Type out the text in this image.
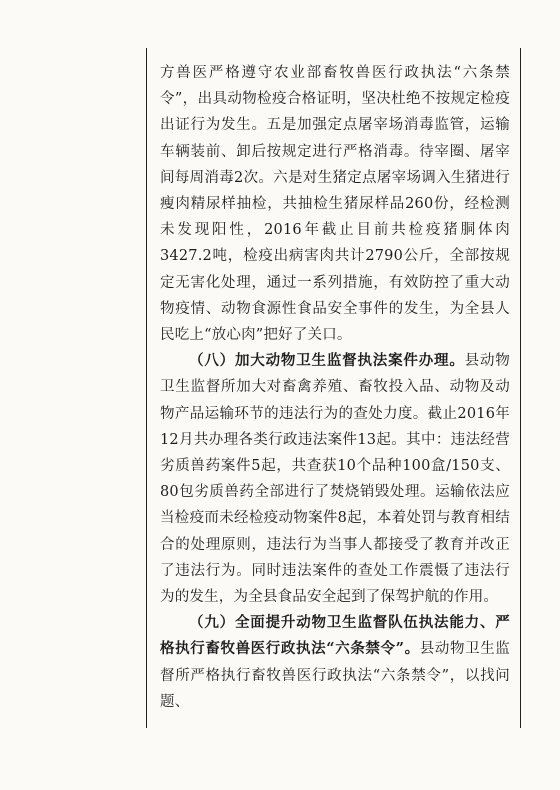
方兽医严格遵守农业部畜牧兽医行政执法“六条禁令”，出具动物检疫合格证明，坚决杜绝不按规定检疫出证行为发生。五是加强定点屠宰场消毒监管，运输车辆装前、卸后按规定进行严格消毒。待宰圈、屠宰间每周消毒2次。六是对生猪定点屠宰场调入生猪进行瘦肉精尿样抽检，共抽检生猪尿样品260份，经检测未发现阳性，2016年截止目前共检疫猪胴体肉3427.2吨，检疫出病害肉共计2790公斤，全部按规定无害化处理，通过一系列措施，有效防控了重大动物疫情、动物食源性食品安全事件的发生，为全县人民吃上“放心肉”把好了关口。

（八）加大动物卫生监督执法案件办理。县动物卫生监督所加大对畜禽养殖、畜牧投入品、动物及动物产品运输环节的违法行为的查处力度。截止2016年12月共办理各类行政违法案件13起。其中：违法经营劣质兽药案件5起，共查获10个品种100盒/150支、80包劣质兽药全部进行了焚烧销毁处理。运输依法应当检疫而未经检疫动物案件8起，本着处罚与教育相结合的处理原则，违法行为当事人都接受了教育并改正了违法行为。同时违法案件的查处工作震慑了违法行为的发生，为全县食品安全起到了保驾护航的作用。

（九）全面提升动物卫生监督队伍执法能力、严格执行畜牧兽医行政执法“六条禁令”。县动物卫生监督所严格执行畜牧兽医行政执法“六条禁令”，以找问题、
